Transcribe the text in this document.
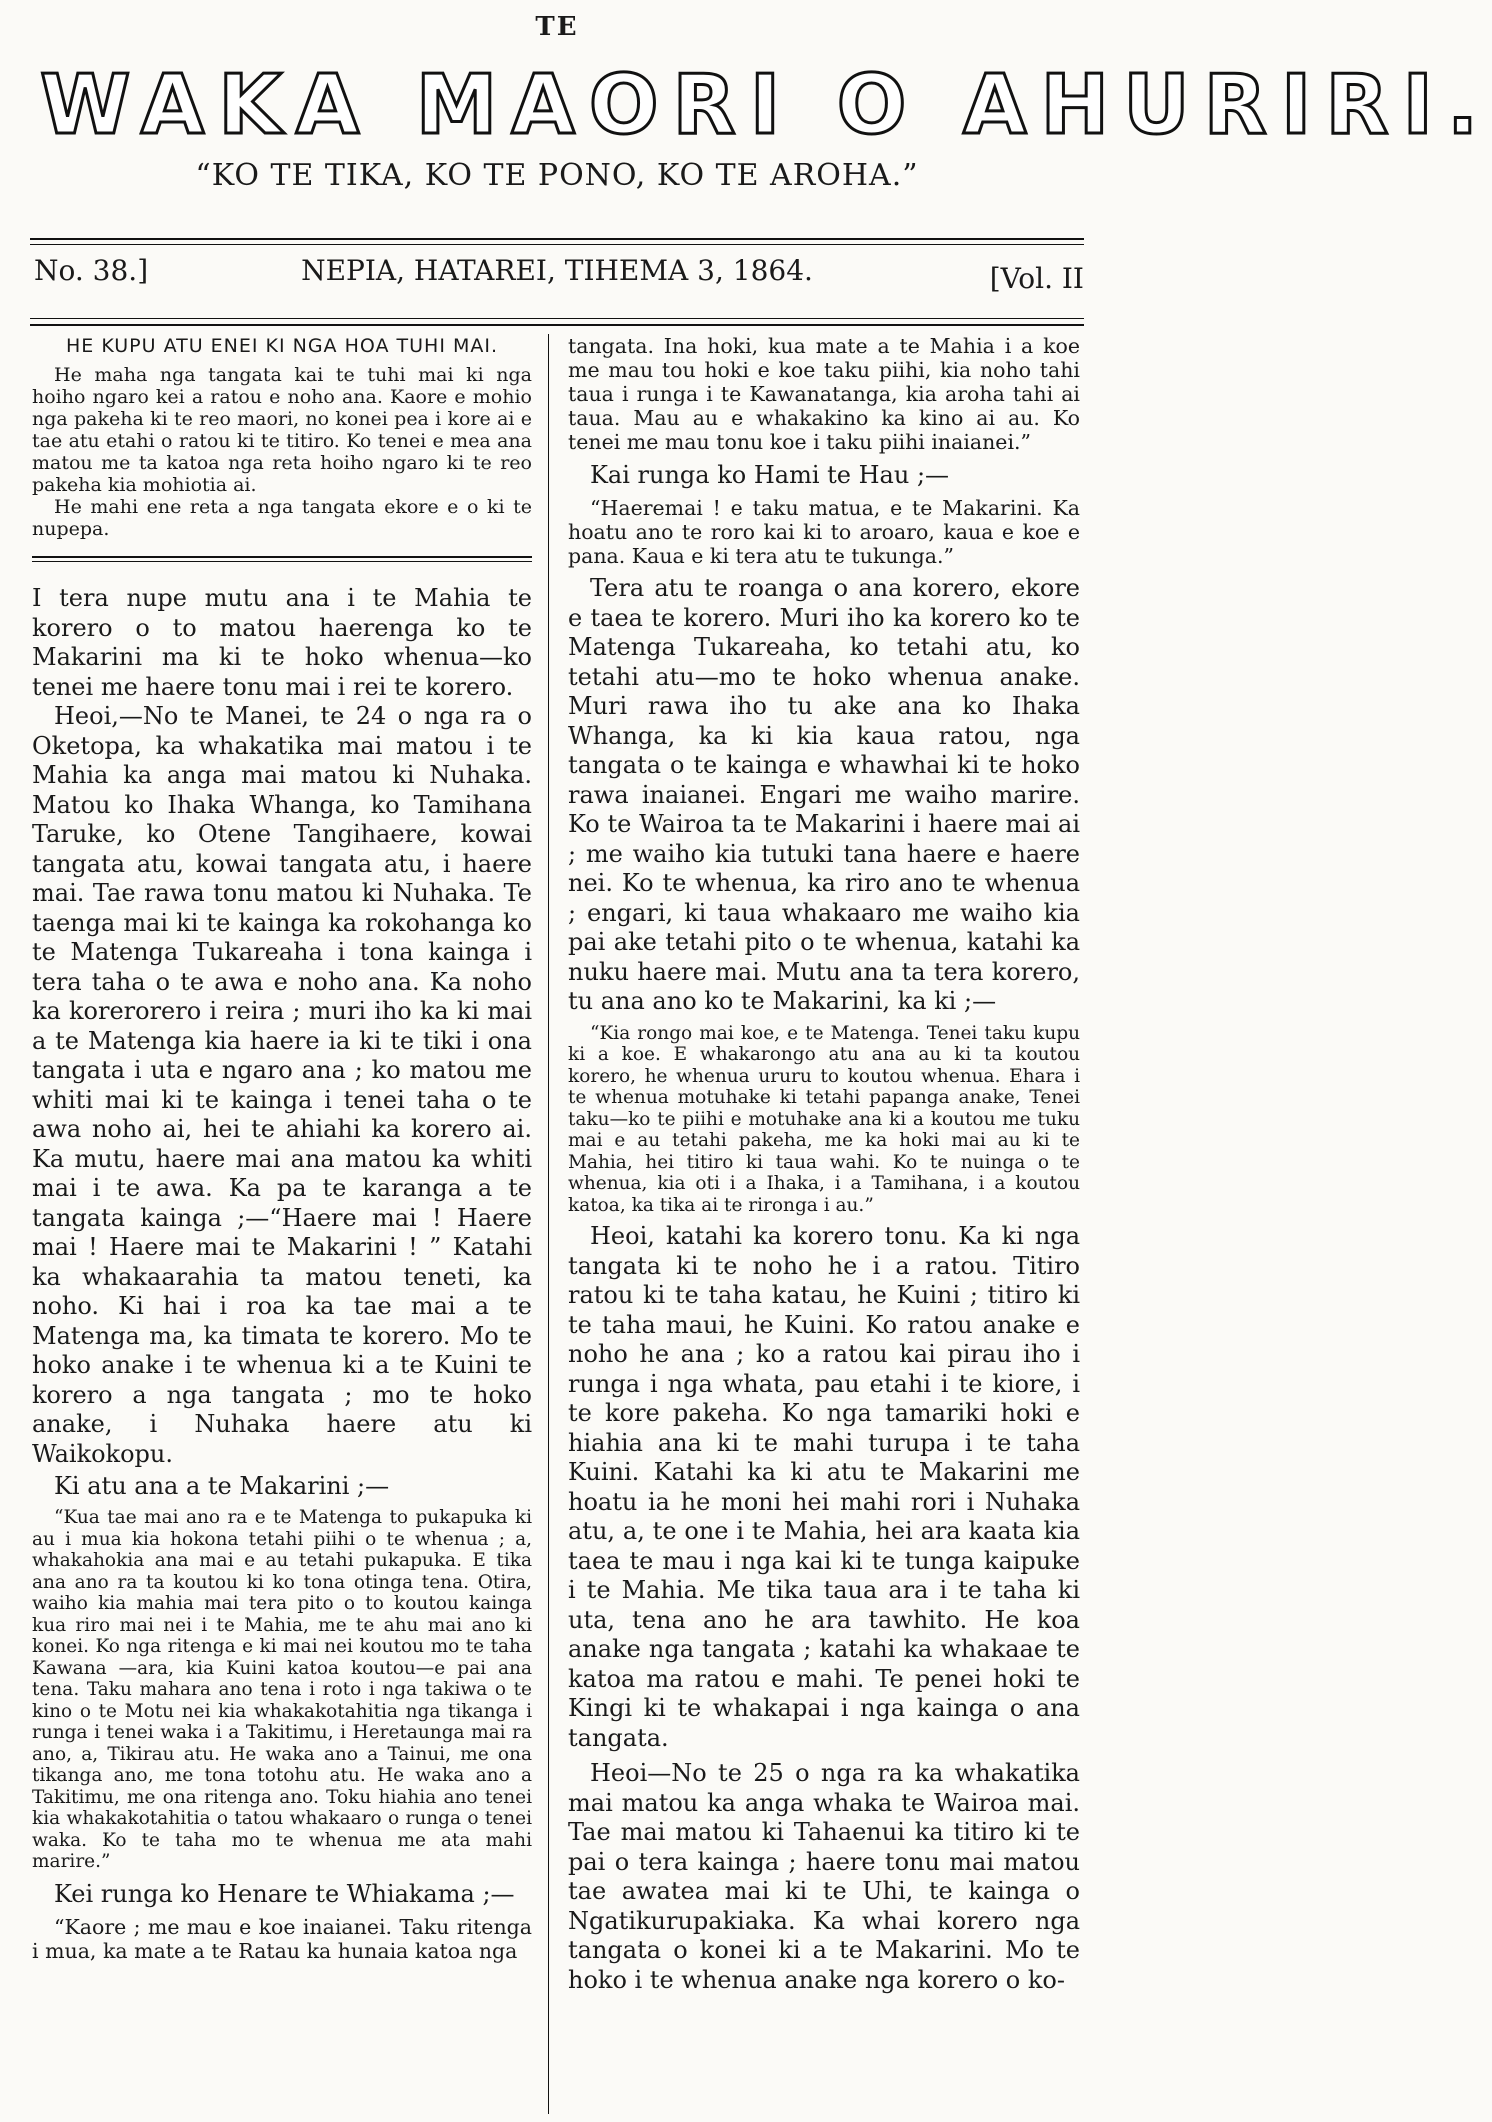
TE
WAKA MAORI O AHURIRI.
“KO TE TIKA, KO TE PONO, KO TE AROHA.”
NEPIA, HATAREI, TIHEMA 3, 1864.
No. 38.]	[Vol. II
HE KUPU ATU ENEI KI NGA HOA TUHI MAI.

He maha nga tangata kai te tuhi mai ki nga hoiho ngaro kei a ratou e noho ana. Kaore e mohio nga pakeha ki te reo maori, no konei pea i kore ai e tae atu etahi o ratou ki te titiro. Ko tenei e mea ana matou me ta katoa nga reta hoiho ngaro ki te reo pakeha kia mohiotia ai.

He mahi ene reta a nga tangata ekore e o ki te nupepa.

I tera nupe mutu ana i te Mahia te korero o to matou haerenga ko te Makarini ma ki te hoko whenua—ko tenei me haere tonu mai i rei te korero.

Heoi,—No te Manei, te 24 o nga ra o Oketopa, ka whakatika mai matou i te Mahia ka anga mai matou ki Nuhaka. Matou ko Ihaka Whanga, ko Tamihana Taruke, ko Otene Tangihaere, kowai tangata atu, kowai tangata atu, i haere mai. Tae rawa tonu matou ki Nuhaka. Te taenga mai ki te kainga ka rokohanga ko te Matenga Tukareaha i tona kainga i tera taha o te awa e noho ana. Ka noho ka korerorero i reira ; muri iho ka ki mai a te Matenga kia haere ia ki te tiki i ona tangata i uta e ngaro ana ; ko matou me whiti mai ki te kainga i tenei taha o te awa noho ai, hei te ahiahi ka korero ai. Ka mutu, haere mai ana matou ka whiti mai i te awa. Ka pa te karanga a te tangata kainga ;—“Haere mai ! Haere mai ! Haere mai te Makarini ! ” Katahi ka whakaarahia ta matou teneti, ka noho. Ki hai i roa ka tae mai a te Matenga ma, ka timata te korero. Mo te hoko anake i te whenua ki a te Kuini te korero a nga tangata ; mo te hoko anake, i Nuhaka haere atu ki Waikokopu.

Ki atu ana a te Makarini ;—

“Kua tae mai ano ra e te Matenga to pukapuka ki au i mua kia hokona tetahi piihi o te whenua ; a, whakahokia ana mai e au tetahi pukapuka. E tika ana ano ra ta koutou ki ko tona otinga tena. Otira, waiho kia mahia mai tera pito o to koutou kainga kua riro mai nei i te Mahia, me te ahu mai ano ki konei. Ko nga ritenga e ki mai nei koutou mo te taha Kawana —ara, kia Kuini katoa koutou—e pai ana tena. Taku mahara ano tena i roto i nga takiwa o te kino o te Motu nei kia whakakotahitia nga tikanga i runga i tenei waka i a Takitimu, i Heretaunga mai ra ano, a, Tikirau atu. He waka ano a Tainui, me ona tikanga ano, me tona totohu atu. He waka ano a Takitimu, me ona ritenga ano. Toku hiahia ano tenei kia whakakotahitia o tatou whakaaro o runga o tenei waka. Ko te taha mo te whenua me ata mahi marire.”

Kei runga ko Henare te Whiakama ;—

“Kaore ; me mau e koe inaianei. Taku ritenga i mua, ka mate a te Ratau ka hunaia katoa nga

tangata. Ina hoki, kua mate a te Mahia i a koe me mau tou hoki e koe taku piihi, kia noho tahi taua i runga i te Kawanatanga, kia aroha tahi ai taua. Mau au e whakakino ka kino ai au. Ko tenei me mau tonu koe i taku piihi inaianei.”

Kai runga ko Hami te Hau ;—

“Haeremai ! e taku matua, e te Makarini. Ka hoatu ano te roro kai ki to aroaro, kaua e koe e pana. Kaua e ki tera atu te tukunga.”

Tera atu te roanga o ana korero, ekore e taea te korero. Muri iho ka korero ko te Matenga Tukareaha, ko tetahi atu, ko tetahi atu—mo te hoko whenua anake. Muri rawa iho tu ake ana ko Ihaka Whanga, ka ki kia kaua ratou, nga tangata o te kainga e whawhai ki te hoko rawa inaianei. Engari me waiho marire. Ko te Wairoa ta te Makarini i haere mai ai ; me waiho kia tutuki tana haere e haere nei. Ko te whenua, ka riro ano te whenua ; engari, ki taua whakaaro me waiho kia pai ake tetahi pito o te whenua, katahi ka nuku haere mai. Mutu ana ta tera korero, tu ana ano ko te Makarini, ka ki ;—

“Kia rongo mai koe, e te Matenga. Tenei taku kupu ki a koe. E whakarongo atu ana au ki ta koutou korero, he whenua ururu to koutou whenua. Ehara i te whenua motuhake ki tetahi papanga anake, Tenei taku—ko te piihi e motuhake ana ki a koutou me tuku mai e au tetahi pakeha, me ka hoki mai au ki te Mahia, hei titiro ki taua wahi. Ko te nuinga o te whenua, kia oti i a Ihaka, i a Tamihana, i a koutou katoa, ka tika ai te rironga i au.”

Heoi, katahi ka korero tonu. Ka ki nga tangata ki te noho he i a ratou. Titiro ratou ki te taha katau, he Kuini ; titiro ki te taha maui, he Kuini. Ko ratou anake e noho he ana ; ko a ratou kai pirau iho i runga i nga whata, pau etahi i te kiore, i te kore pakeha. Ko nga tamariki hoki e hiahia ana ki te mahi turupa i te taha Kuini. Katahi ka ki atu te Makarini me hoatu ia he moni hei mahi rori i Nuhaka atu, a, te one i te Mahia, hei ara kaata kia taea te mau i nga kai ki te tunga kaipuke i te Mahia. Me tika taua ara i te taha ki uta, tena ano he ara tawhito. He koa anake nga tangata ; katahi ka whakaae te katoa ma ratou e mahi. Te penei hoki te Kingi ki te whakapai i nga kainga o ana tangata.

Heoi—No te 25 o nga ra ka whakatika mai matou ka anga whaka te Wairoa mai. Tae mai matou ki Tahaenui ka titiro ki te pai o tera kainga ; haere tonu mai matou tae awatea mai ki te Uhi, te kainga o Ngatikurupakiaka. Ka whai korero nga tangata o konei ki a te Makarini. Mo te hoko i te whenua anake nga korero o ko-
